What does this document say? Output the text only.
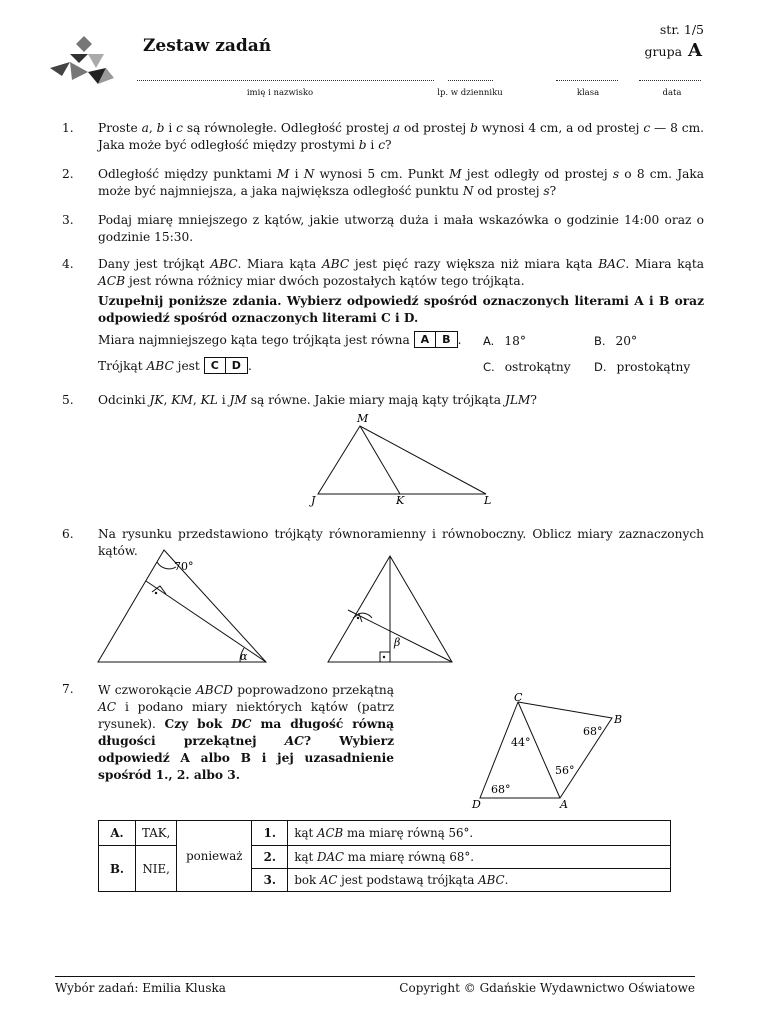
Zestaw zadań
str. 1/5
grupa A
imię i nazwisko	lp. w dzienniku	klasa	data
1. Proste a, b i c są równoległe. Odległość prostej a od prostej b wynosi 4 cm, a od prostej c — 8 cm. Jaka może być odległość między prostymi b i c?
2. Odległość między punktami M i N wynosi 5 cm. Punkt M jest odległy od prostej s o 8 cm. Jaka może być najmniejsza, a jaka największa odległość punktu N od prostej s?
3. Podaj miarę mniejszego z kątów, jakie utworzą duża i mała wskazówka o godzinie 14:00 oraz o godzinie 15:30.
4. Dany jest trójkąt ABC. Miara kąta ABC jest pięć razy większa niż miara kąta BAC. Miara kąta ACB jest równa różnicy miar dwóch pozostałych kątów tego trójkąta.
Uzupełnij poniższe zdania. Wybierz odpowiedź spośród oznaczonych literami A i B oraz odpowiedź spośród oznaczonych literami C i D.
Miara najmniejszego kąta tego trójkąta jest równa A	B .
Trójkąt ABC jest C	D .
A. 18°	B. 20°
C. ostrokątny D. prostokątny
5. Odcinki JK, KM, KL i JM są równe. Jakie miary mają kąty trójkąta JLM?
M
J	K	L
6. Na rysunku przedstawiono trójkąty równoramienny i równoboczny. Oblicz miary zaznaczonych kątów.
70°
α
β
7. W czworokącie ABCD poprowadzono przekątną AC i podano miary niektórych kątów (patrz rysunek). Czy bok DC ma długość równą długości przekątnej AC? Wybierz odpowiedź A albo B i jej uzasadnienie spośród 1., 2. albo 3.
C
B
D	A
68°
44°
56°
68°
A.	TAK,	ponieważ	1.	kąt ACB ma miarę równą 56°.
B.	NIE,		2.	kąt DAC ma miarę równą 68°.
			3.	bok AC jest podstawą trójkąta ABC.
Wybór zadań: Emilia Kluska	Copyright © Gdańskie Wydawnictwo Oświatowe
